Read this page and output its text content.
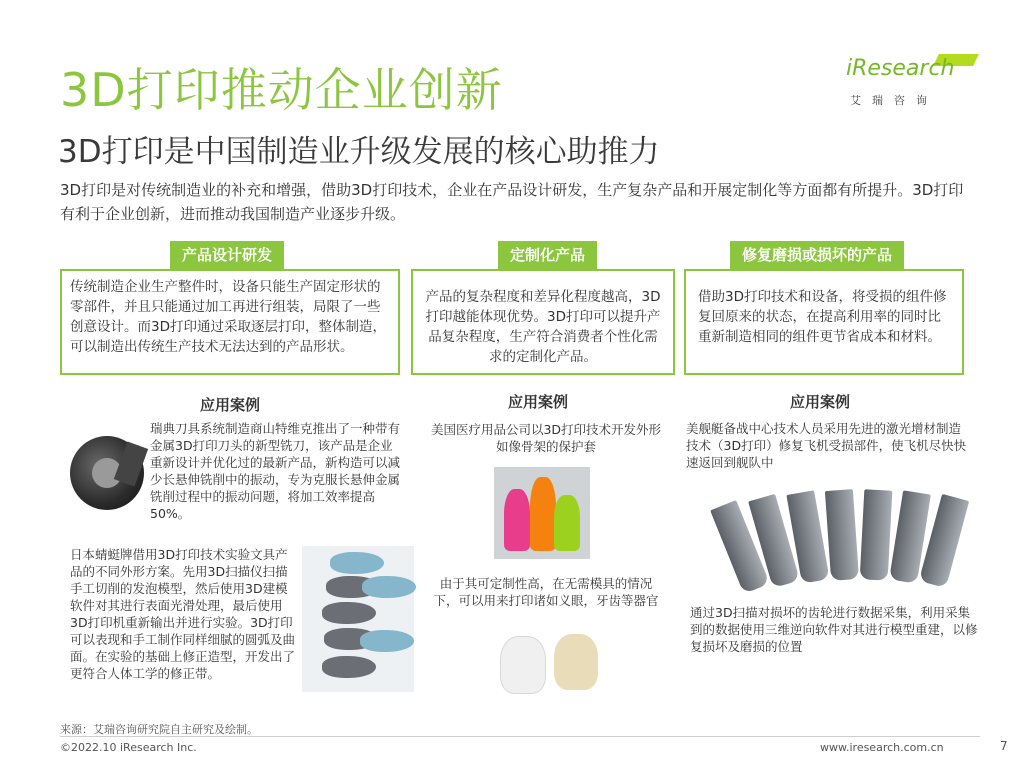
3D打印推动企业创新
3D打印是中国制造业升级发展的核心助推力
3D打印是对传统制造业的补充和增强，借助3D打印技术，企业在产品设计研发，生产复杂产品和开展定制化等方面都有所提升。3D打印有利于企业创新，进而推动我国制造产业逐步升级。
iResearch
艾瑞咨询
产品设计研发
传统制造企业生产整件时，设备只能生产固定形状的零部件，并且只能通过加工再进行组装，局限了一些创意设计。而3D打印通过采取逐层打印，整体制造，可以制造出传统生产技术无法达到的产品形状。
应用案例
瑞典刀具系统制造商山特维克推出了一种带有金属3D打印刀头的新型铣刀，该产品是企业重新设计并优化过的最新产品，新构造可以减少长悬伸铣削中的振动，专为克服长悬伸金属铣削过程中的振动问题，将加工效率提高50%。
日本蜻蜓牌借用3D打印技术实验文具产品的不同外形方案。先用3D扫描仪扫描手工切削的发泡模型，然后使用3D建模软件对其进行表面光滑处理，最后使用3D打印机重新输出并进行实验。3D打印可以表现和手工制作同样细腻的圆弧及曲面。在实验的基础上修正造型，开发出了更符合人体工学的修正带。
定制化产品
产品的复杂程度和差异化程度越高，3D打印越能体现优势。3D打印可以提升产品复杂程度，生产符合消费者个性化需求的定制化产品。
应用案例
美国医疗用品公司以3D打印技术开发外形如像骨架的保护套
由于其可定制性高，在无需模具的情况下，可以用来打印诸如义眼，牙齿等器官
修复磨损或损坏的产品
借助3D打印技术和设备，将受损的组件修复回原来的状态，在提高利用率的同时比重新制造相同的组件更节省成本和材料。
应用案例
美舰艇备战中心技术人员采用先进的激光增材制造技术（3D打印）修复飞机受损部件，使飞机尽快快速返回到舰队中
通过3D扫描对损坏的齿轮进行数据采集，利用采集到的数据使用三维逆向软件对其进行模型重建，以修复损坏及磨损的位置
来源：艾瑞咨询研究院自主研究及绘制。
©2022.10 iResearch Inc.	www.iresearch.com.cn	7
